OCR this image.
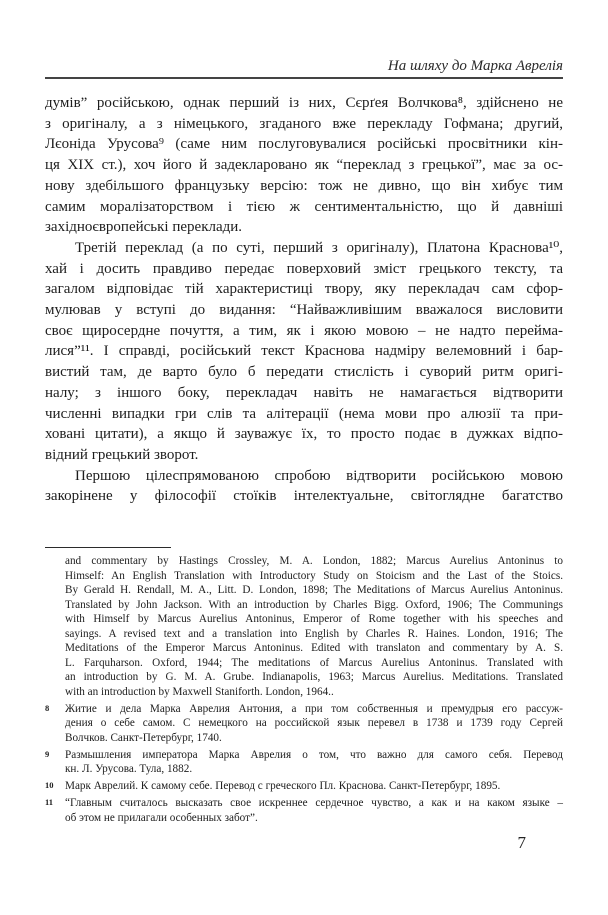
На шляху до Марка Аврелія
думів” російською, однак перший із них, Сєрґея Волчкова⁸, здійснено не
з оригіналу, а з німецького, згаданого вже перекладу Гофмана; другий,
Лєоніда Урусова⁹ (саме ним послуговувалися російські просвітники кін-
ця XIX ст.), хоч його й задекларовано як “переклад з грецької”, має за ос-
нову здебільшого французьку версію: тож не дивно, що він хибує тим
самим моралізаторством і тією ж сентиментальністю, що й давніші
західноєвропейські переклади.
Третій переклад (а по суті, перший з оригіналу), Платона Краснова¹⁰,
хай і досить правдиво передає поверховий зміст грецького тексту, та
загалом відповідає тій характеристиці твору, яку перекладач сам сфор-
мулював у вступі до видання: “Найважливішим вважалося висловити
своє щиросердне почуття, а тим, як і якою мовою – не надто перейма-
лися”¹¹. І справді, російський текст Краснова надміру велемовний і бар-
вистий там, де варто було б передати стислість і суворий ритм оригі-
налу; з іншого боку, перекладач навіть не намагається відтворити
численні випадки гри слів та алітерації (нема мови про алюзії та при-
ховані цитати), а якщо й зауважує їх, то просто подає в дужках відпо-
відний грецький зворот.
Першою цілеспрямованою спробою відтворити російською мовою
закорінене у філософії стоїків інтелектуальне, світоглядне багатство
and commentary by Hastings Crossley, M. A. London, 1882; Marcus Aurelius Antoninus to
Himself: An English Translation with Introductory Study on Stoicism and the Last of the Stoics.
By Gerald H. Rendall, M. A., Litt. D. London, 1898; The Meditations of Marcus Aurelius Antoninus.
Translated by John Jackson. With an introduction by Charles Bigg. Oxford, 1906; The Communings
with Himself by Marcus Aurelius Antoninus, Emperor of Rome together with his speeches and
sayings. A revised text and a translation into English by Charles R. Haines. London, 1916; The
Meditations of the Emperor Marcus Antoninus. Edited with translaton and commentary by A. S.
L. Farquharson. Oxford, 1944; The meditations of Marcus Aurelius Antoninus. Translated with
an introduction by G. M. A. Grube. Indianapolis, 1963; Marcus Aurelius. Meditations. Translated
with an introduction by Maxwell Staniforth. London, 1964..
8 Житие и дела Марка Аврелия Антония, а при том собственныя и премудрыя его рассуж-
дения о себе самом. С немецкого на российской язык перевел в 1738 и 1739 году Сергей
Волчков. Санкт-Петербург, 1740.
9 Размышления императора Марка Аврелия о том, что важно для самого себя. Перевод
кн. Л. Урусова. Тула, 1882.
10 Марк Аврелий. К самому себе. Перевод с греческого Пл. Краснова. Санкт-Петербург, 1895.
11 “Главным считалось высказать свое искреннее сердечное чувство, а как и на каком языке –
об этом не прилагали особенных забот”.
7
